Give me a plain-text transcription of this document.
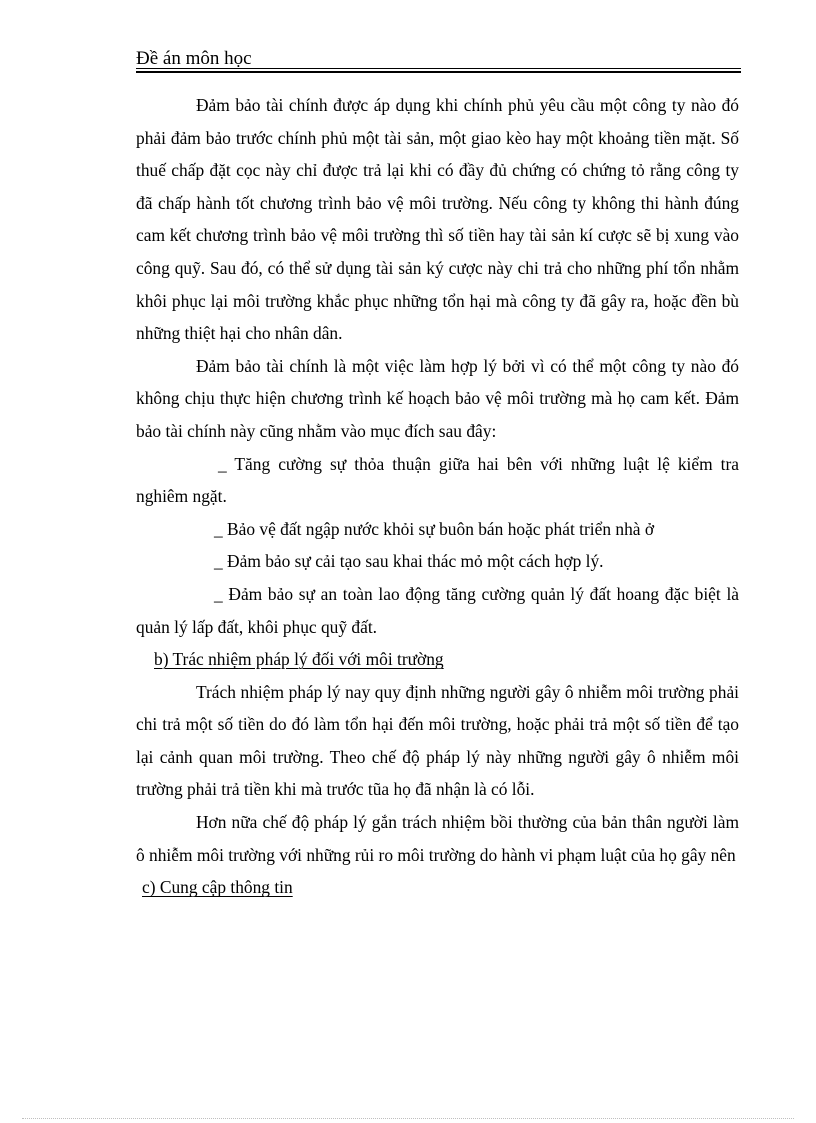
Đề án môn học

Đảm bảo tài chính được áp dụng khi chính phủ yêu cầu một công ty nào đó phải đảm bảo trước chính phủ một tài sản, một giao kèo hay một khoảng tiền mặt. Số thuế chấp đặt cọc này chỉ được trả lại khi có đầy đủ chứng có chứng tỏ rằng công ty đã chấp hành tốt chương trình bảo vệ môi trường. Nếu công ty không thi hành đúng cam kết chương trình bảo vệ môi trường thì số tiền hay tài sản kí cược sẽ bị xung vào công quỹ. Sau đó, có thể sử dụng tài sản ký cược này chi trả cho những phí tổn nhằm khôi phục lại môi trường khắc phục những tổn hại mà công ty đã gây ra, hoặc đền bù những thiệt hại cho nhân dân.

Đảm bảo tài chính là một việc làm hợp lý bởi vì có thể một công ty nào đó không chịu thực hiện chương trình kế hoạch bảo vệ môi trường mà họ cam kết. Đảm bảo tài chính này cũng nhằm vào mục đích sau đây:

_ Tăng cường sự thỏa thuận giữa hai bên với những luật lệ kiểm tra nghiêm ngặt.

_ Bảo vệ đất ngập nước khỏi sự buôn bán hoặc phát triển nhà ở

_ Đảm bảo sự cải tạo sau khai thác mỏ một cách hợp lý.

_ Đảm bảo sự an toàn lao động tăng cường quản lý đất hoang đặc biệt là quản lý lấp đất, khôi phục quỹ đất.

b) Trác nhiệm pháp lý đối với môi trường

Trách nhiệm pháp lý nay quy định những người gây ô nhiễm môi trường phải chi trả một số tiền do đó làm tổn hại đến môi trường, hoặc phải trả một số tiền để tạo lại cảnh quan môi trường. Theo chế độ pháp lý này những người gây ô nhiễm môi trường phải trả tiền khi mà trước tũa họ đã nhận là có lỗi.

Hơn nữa chế độ pháp lý gắn trách nhiệm bồi thường của bản thân người làm ô nhiễm môi trường với những rủi ro môi trường do hành vi phạm luật của họ gây nên

c) Cung cập thông tin
